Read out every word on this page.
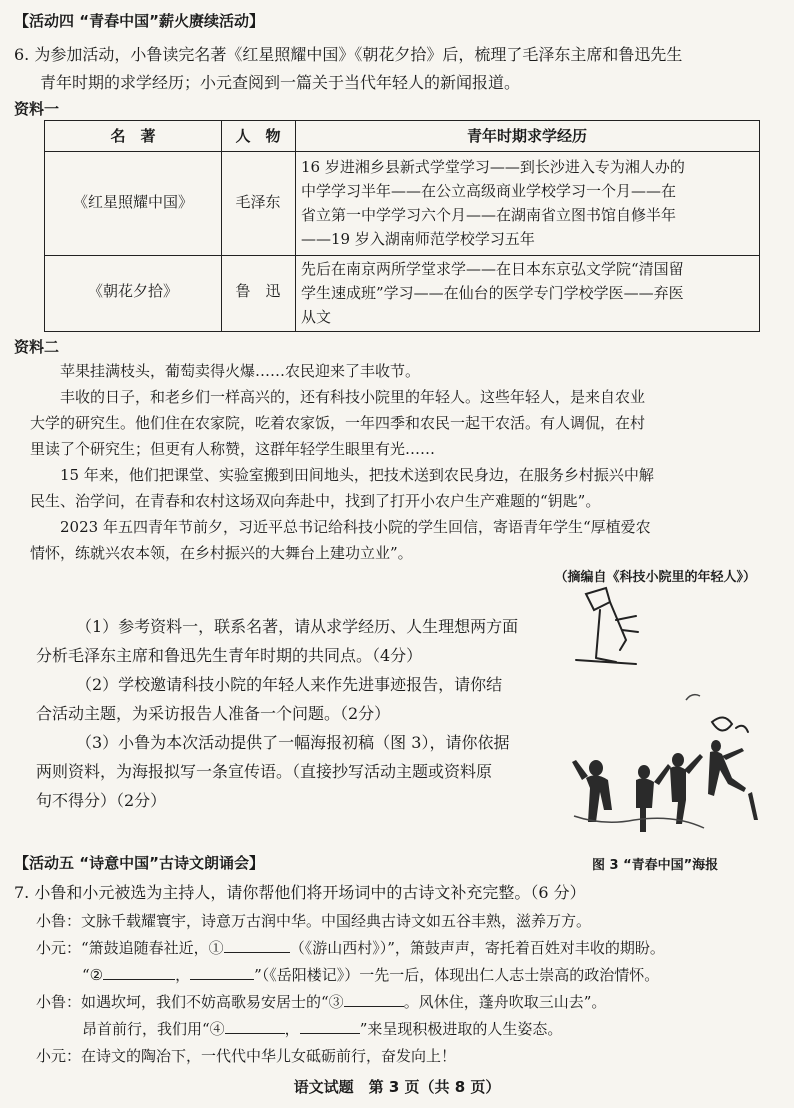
【活动四 “青春中国”薪火赓续活动】
6. 为参加活动，小鲁读完名著《红星照耀中国》《朝花夕拾》后，梳理了毛泽东主席和鲁迅先生
青年时期的求学经历；小元查阅到一篇关于当代年轻人的新闻报道。
资料一
名　著	人　物	青年时期求学经历
《红星照耀中国》	毛泽东
16 岁进湘乡县新式学堂学习——到长沙进入专为湘人办的
中学学习半年——在公立高级商业学校学习一个月——在
省立第一中学学习六个月——在湖南省立图书馆自修半年
——19 岁入湖南师范学校学习五年
《朝花夕拾》	鲁　迅
先后在南京两所学堂求学——在日本东京弘文学院“清国留
学生速成班”学习——在仙台的医学专门学校学医——弃医
从文
资料二
苹果挂满枝头，葡萄卖得火爆……农民迎来了丰收节。
丰收的日子，和老乡们一样高兴的，还有科技小院里的年轻人。这些年轻人，是来自农业
大学的研究生。他们住在农家院，吃着农家饭，一年四季和农民一起干农活。有人调侃，在村
里读了个研究生；但更有人称赞，这群年轻学生眼里有光……
15 年来，他们把课堂、实验室搬到田间地头，把技术送到农民身边，在服务乡村振兴中解
民生、治学问，在青春和农村这场双向奔赴中，找到了打开小农户生产难题的“钥匙”。
2023 年五四青年节前夕，习近平总书记给科技小院的学生回信，寄语青年学生“厚植爱农
情怀，练就兴农本领，在乡村振兴的大舞台上建功立业”。
（摘编自《科技小院里的年轻人》）
（1）参考资料一，联系名著，请从求学经历、人生理想两方面
分析毛泽东主席和鲁迅先生青年时期的共同点。（4分）
（2）学校邀请科技小院的年轻人来作先进事迹报告，请你结
合活动主题，为采访报告人准备一个问题。（2分）
（3）小鲁为本次活动提供了一幅海报初稿（图 3），请你依据
两则资料，为海报拟写一条宣传语。（直接抄写活动主题或资料原
句不得分）（2分）
【活动五 “诗意中国”古诗文朗诵会】	图 3 “青春中国”海报
7. 小鲁和小元被选为主持人，请你帮他们将开场词中的古诗文补充完整。（6 分）
小鲁：文脉千载耀寰宇，诗意万古润中华。中国经典古诗文如五谷丰熟，滋养万方。
小元：“箫鼓追随春社近，①	（《游山西村》）”，箫鼓声声，寄托着百姓对丰收的期盼。
“②	，	”（《岳阳楼记》）一先一后，体现出仁人志士崇高的政治情怀。
小鲁：如遇坎坷，我们不妨高歌易安居士的“③	。风休住，蓬舟吹取三山去”。
昂首前行，我们用“④	，	”来呈现积极进取的人生姿态。
小元：在诗文的陶冶下，一代代中华儿女砥砺前行，奋发向上！
语文试题　第 3 页（共 8 页）
